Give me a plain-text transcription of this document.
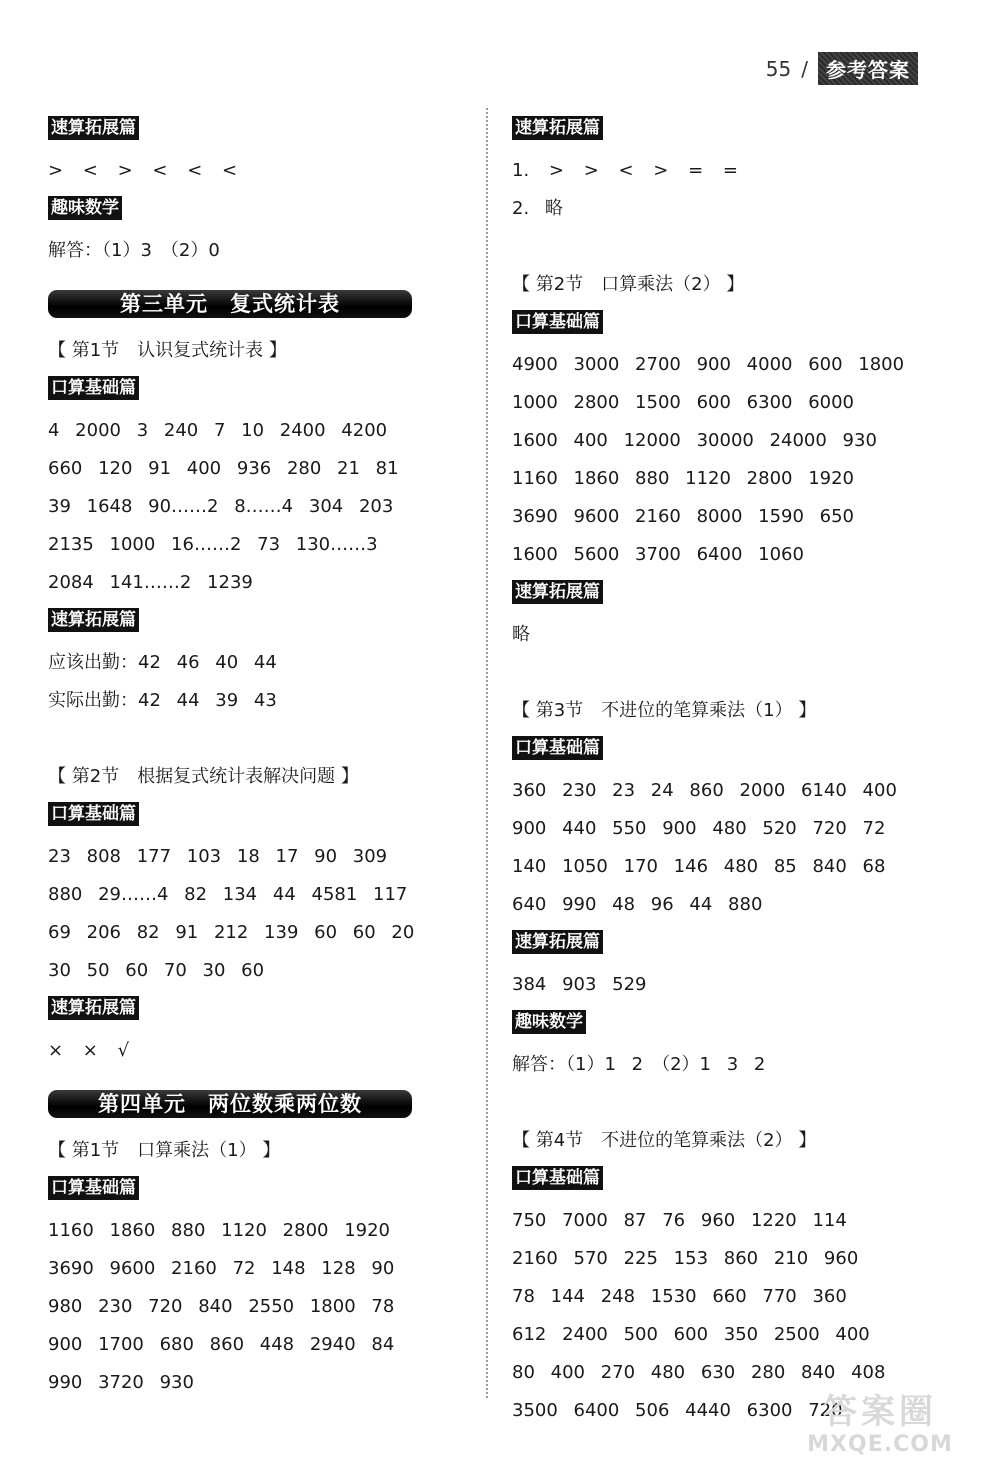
55 / 参考答案
速算拓展篇
> < > < < <
趣味数学
解答：（1）3　（2）0
第三单元　复式统计表
【 第1节　认识复式统计表 】
口算基础篇
4 2000 3 240 7 10 2400 4200
660 120 91 400 936 280 21 81
39 1648 90……2 8……4 304 203
2135 1000 16……2 73 130……3
2084 141……2 1239
速算拓展篇
应该出勤：42 46 40 44
实际出勤：42 44 39 43
【 第2节　根据复式统计表解决问题 】
口算基础篇
23 808 177 103 18 17 90 309
880 29……4 82 134 44 4581 117
69 206 82 91 212 139 60 60 20
30 50 60 70 30 60
速算拓展篇
× × √
第四单元　两位数乘两位数
【 第1节　口算乘法（1） 】
口算基础篇
1160 1860 880 1120 2800 1920
3690 9600 2160 72 148 128 90
980 230 720 840 2550 1800 78
900 1700 680 860 448 2940 84
990 3720 930
速算拓展篇
1. > > < > = =
2. 略
【 第2节　口算乘法（2） 】
口算基础篇
4900 3000 2700 900 4000 600 1800
1000 2800 1500 600 6300 6000
1600 400 12000 30000 24000 930
1160 1860 880 1120 2800 1920
3690 9600 2160 8000 1590 650
1600 5600 3700 6400 1060
速算拓展篇
略
【 第3节　不进位的笔算乘法（1） 】
口算基础篇
360 230 23 24 860 2000 6140 400
900 440 550 900 480 520 720 72
140 1050 170 146 480 85 840 68
640 990 48 96 44 880
速算拓展篇
384 903 529
趣味数学
解答：（1）1 2　（2）1 3 2
【 第4节　不进位的笔算乘法（2） 】
口算基础篇
750 7000 87 76 960 1220 114
2160 570 225 153 860 210 960
78 144 248 1530 660 770 360
612 2400 500 600 350 2500 400
80 400 270 480 630 280 840 408
3500 6400 506 4440 6300 720
答案圈
MXQE.COM
